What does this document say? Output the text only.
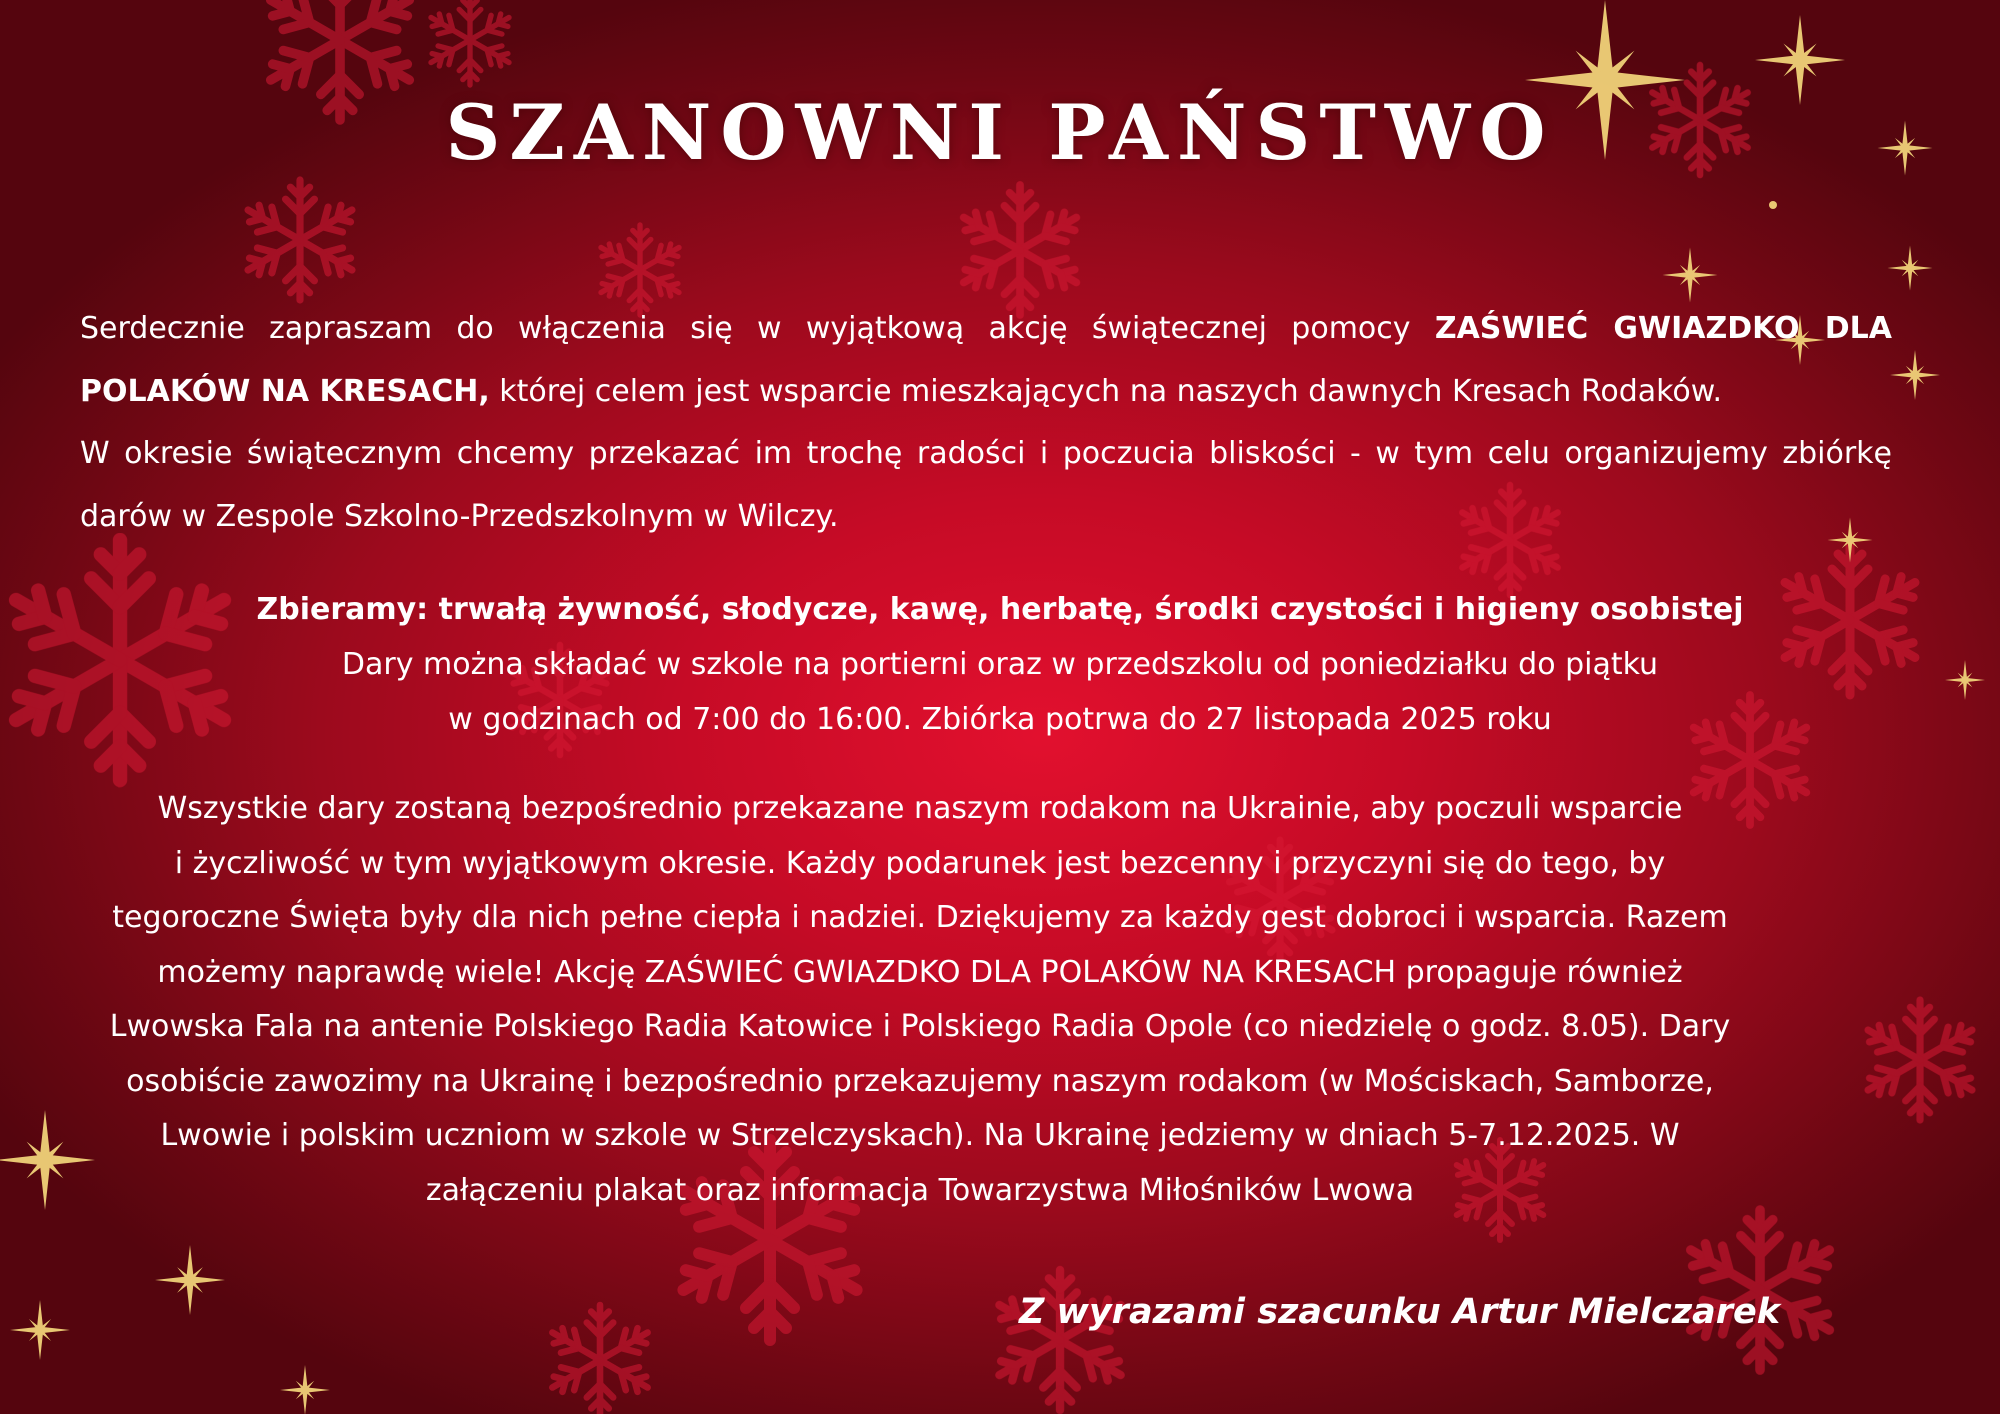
SZANOWNI PAŃSTWO

Serdecznie zapraszam do włączenia się w wyjątkową akcję świątecznej pomocy ZAŚWIEĆ GWIAZDKO DLA POLAKÓW NA KRESACH, której celem jest wsparcie mieszkających na naszych dawnych Kresach Rodaków.
W okresie świątecznym chcemy przekazać im trochę radości i poczucia bliskości - w tym celu organizujemy zbiórkę darów w Zespole Szkolno-Przedszkolnym w Wilczy.

Zbieramy: trwałą żywność, słodycze, kawę, herbatę, środki czystości i higieny osobistej
Dary można składać w szkole na portierni oraz w przedszkolu od poniedziałku do piątku
w godzinach od 7:00 do 16:00. Zbiórka potrwa do 27 listopada 2025 roku
Wszystkie dary zostaną bezpośrednio przekazane naszym rodakom na Ukrainie, aby poczuli wsparcie
i życzliwość w tym wyjątkowym okresie. Każdy podarunek jest bezcenny i przyczyni się do tego, by
tegoroczne Święta były dla nich pełne ciepła i nadziei. Dziękujemy za każdy gest dobroci i wsparcia. Razem
możemy naprawdę wiele! Akcję ZAŚWIEĆ GWIAZDKO DLA POLAKÓW NA KRESACH propaguje również
Lwowska Fala na antenie Polskiego Radia Katowice i Polskiego Radia Opole (co niedzielę o godz. 8.05). Dary
osobiście zawozimy na Ukrainę i bezpośrednio przekazujemy naszym rodakom (w Mościskach, Samborze,
Lwowie i polskim uczniom w szkole w Strzelczyskach). Na Ukrainę jedziemy w dniach 5-7.12.2025. W
załączeniu plakat oraz informacja Towarzystwa Miłośników Lwowa

Z wyrazami szacunku Artur Mielczarek
